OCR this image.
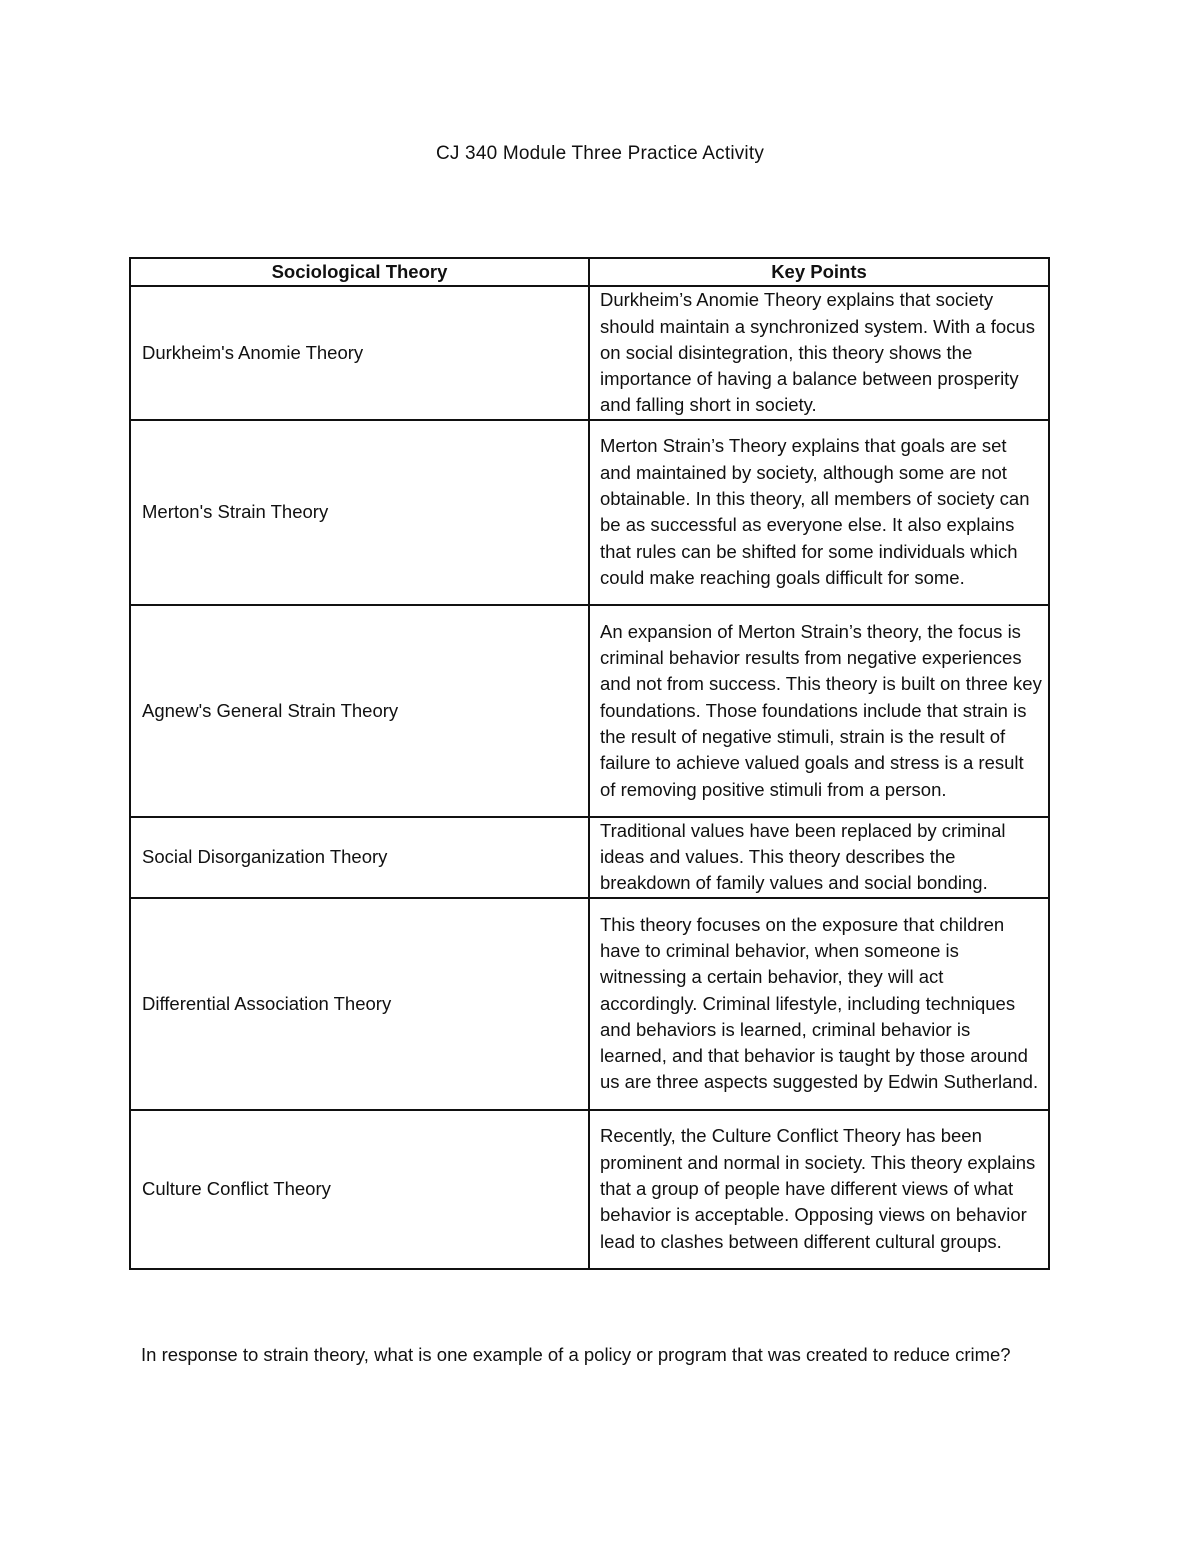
CJ 340 Module Three Practice Activity
Sociological Theory	Key Points
Durkheim's Anomie Theory	Durkheim’s Anomie Theory explains that society should maintain a synchronized system. With a focus on social disintegration, this theory shows the importance of having a balance between prosperity and falling short in society.
Merton's Strain Theory	Merton Strain’s Theory explains that goals are set and maintained by society, although some are not obtainable. In this theory, all members of society can be as successful as everyone else. It also explains that rules can be shifted for some individuals which could make reaching goals difficult for some.
Agnew's General Strain Theory	An expansion of Merton Strain’s theory, the focus is criminal behavior results from negative experiences and not from success. This theory is built on three key foundations. Those foundations include that strain is the result of negative stimuli, strain is the result of failure to achieve valued goals and stress is a result of removing positive stimuli from a person.
Social Disorganization Theory	Traditional values have been replaced by criminal ideas and values. This theory describes the breakdown of family values and social bonding.
Differential Association Theory	This theory focuses on the exposure that children have to criminal behavior, when someone is witnessing a certain behavior, they will act accordingly. Criminal lifestyle, including techniques and behaviors is learned, criminal behavior is learned, and that behavior is taught by those around us are three aspects suggested by Edwin Sutherland.
Culture Conflict Theory	Recently, the Culture Conflict Theory has been prominent and normal in society. This theory explains that a group of people have different views of what behavior is acceptable. Opposing views on behavior lead to clashes between different cultural groups.
In response to strain theory, what is one example of a policy or program that was created to reduce crime?
